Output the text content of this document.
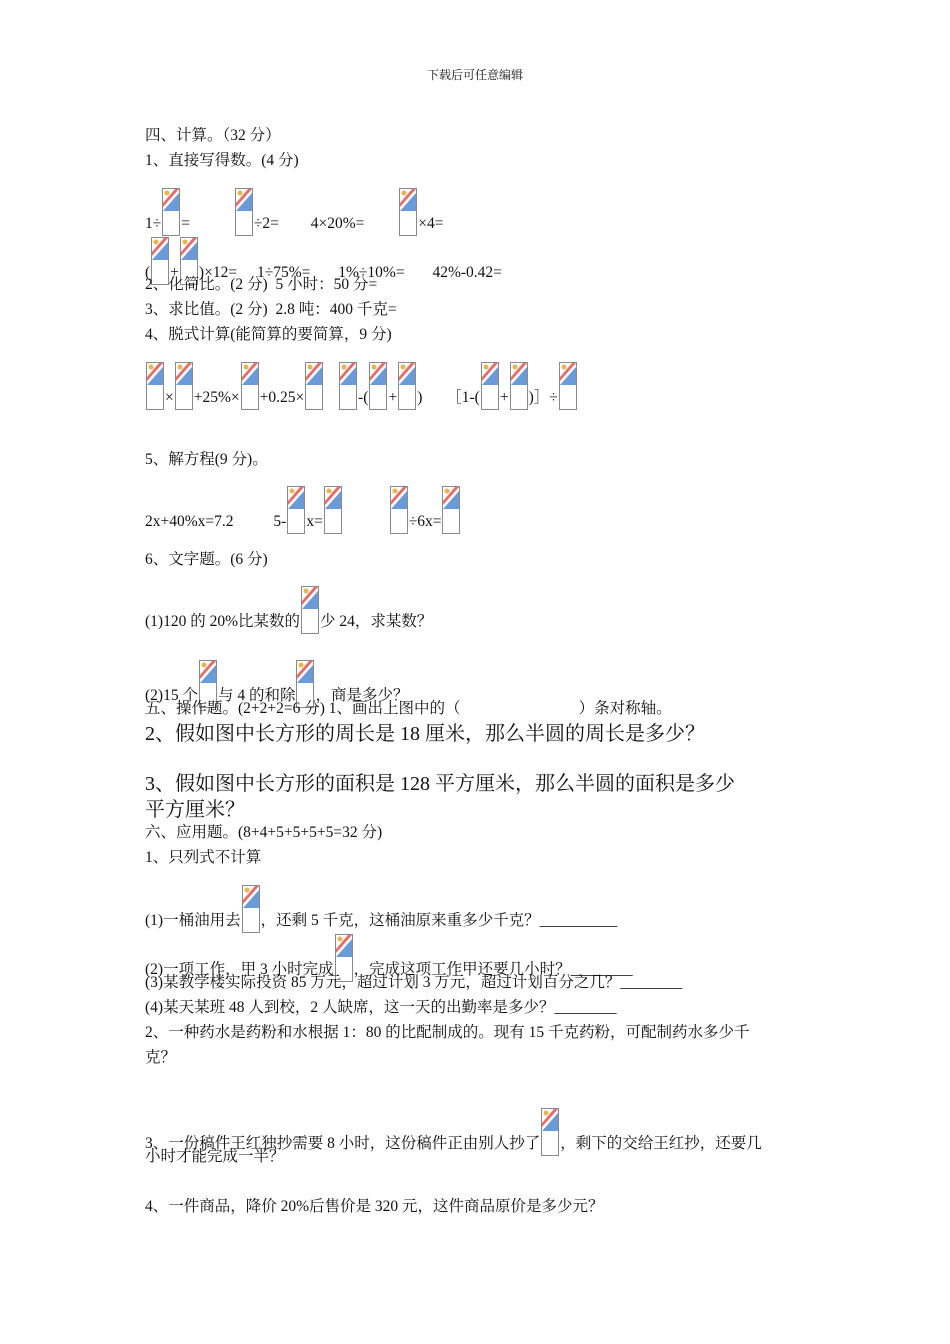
下载后可任意编辑
四、计算。（32 分）
1、直接写得数。(4 分)
1÷ =	÷2= 4×20%=	×4=
( + )×12= 1÷75%= 1%÷10%= 42%-0.42=
2、化简比。(2 分) 5 小时：50 分=
3、求比值。(2 分) 2.8 吨：400 千克=
4、脱式计算(能简算的要简算，9 分)
× +25%× +0.25×
	-( + ) ［1-( + )］÷
5、解方程(9 分)。
2x+40%x=7.2	5- x=
	÷6x=
6、文字题。(6 分)
(1)120 的 20%比某数的 少 24，求某数？
(2)15 个 与 4 的和除 ，商是多少？
五、操作题。(2+2+2=6 分) 1、画出上图中的（	）条对称轴。
2、假如图中长方形的周长是 18 厘米，那么半圆的周长是多少？
3、假如图中长方形的面积是 128 平方厘米，那么半圆的面积是多少
平方厘米？
六、应用题。(8+4+5+5+5+5=32 分)
1、只列式不计算
(1)一桶油用去 ，还剩 5 千克，这桶油原来重多少千克？__________
(2)一项工作，甲 3 小时完成 ，完成这项工作甲还要几小时？________
(3)某教学楼实际投资 85 万元，超过计划 3 万元，超过计划百分之几？________
(4)某天某班 48 人到校，2 人缺席，这一天的出勤率是多少？________
2、一种药水是药粉和水根据 1：80 的比配制成的。现有 15 千克药粉，可配制药水多少千
克？
3、一份稿件王红独抄需要 8 小时，这份稿件正由别人抄了 ，剩下的交给王红抄，还要几
小时才能完成一半？
4、一件商品，降价 20%后售价是 320 元，这件商品原价是多少元？
